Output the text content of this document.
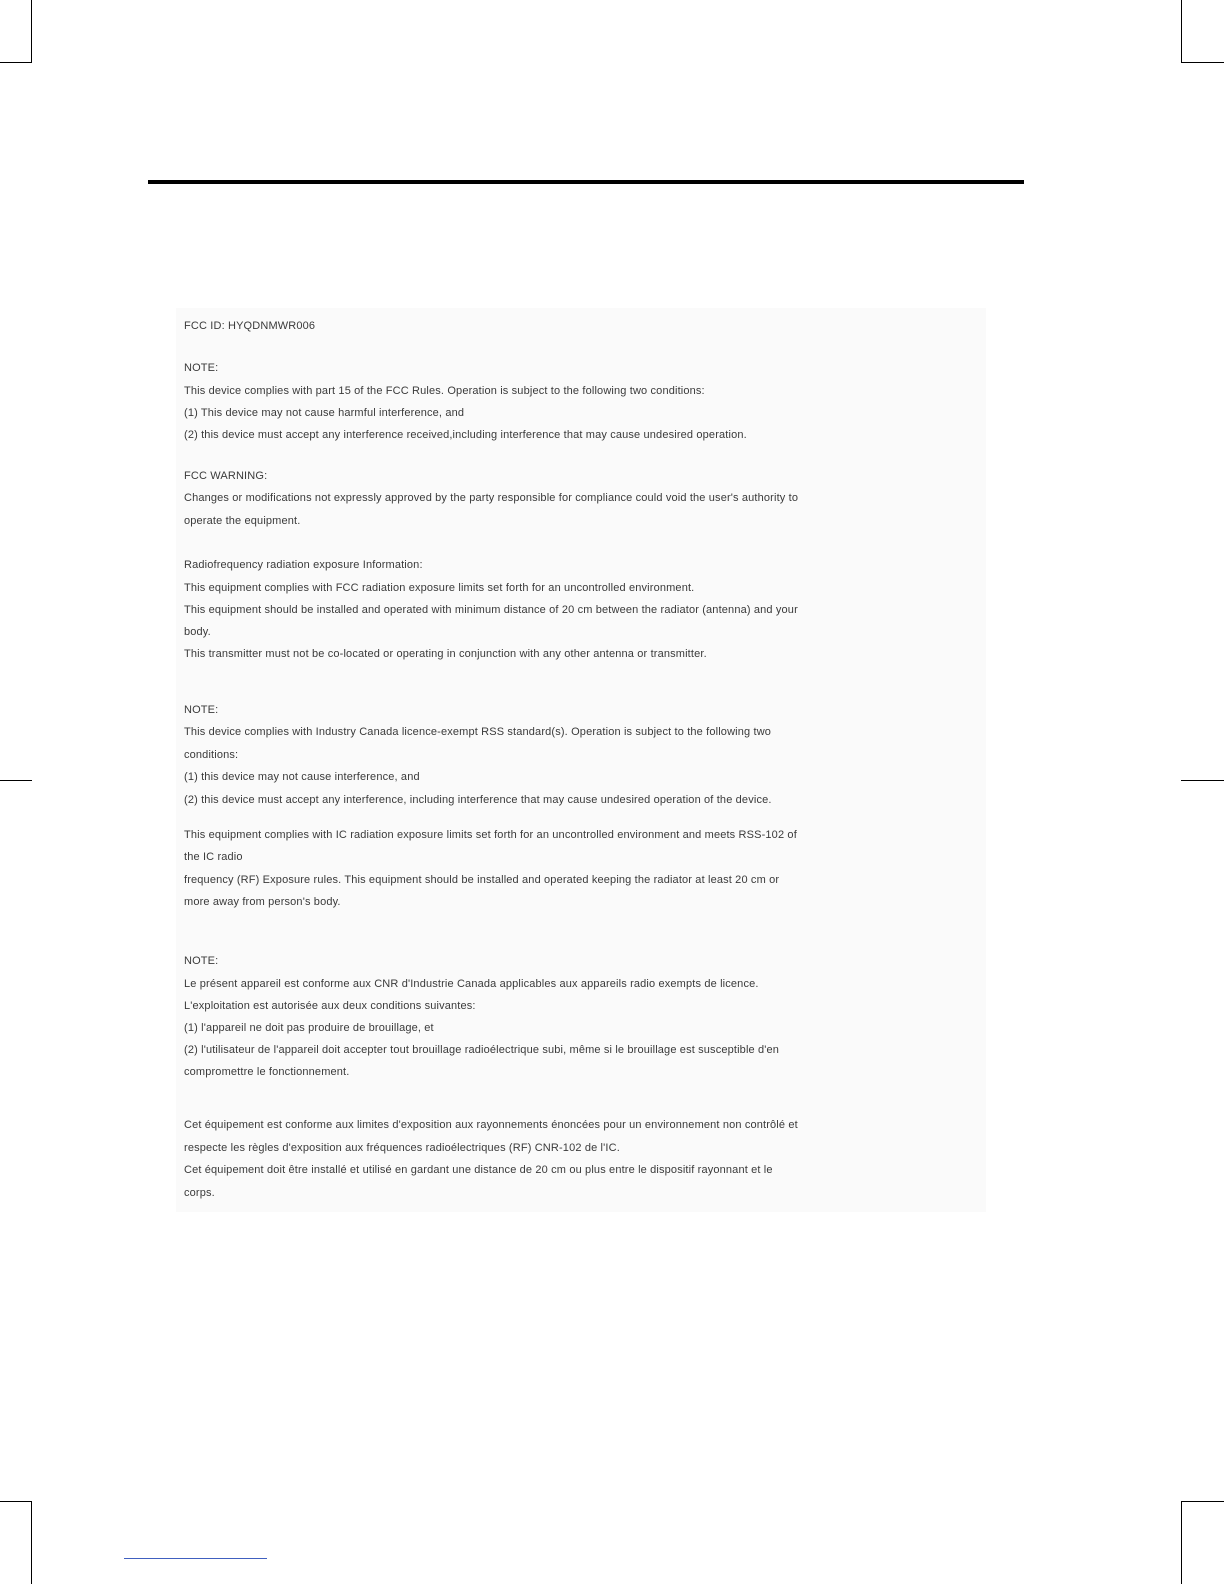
FCC ID: HYQDNMWR006

NOTE:

This device complies with part 15 of the FCC Rules. Operation is subject to the following two conditions:

(1) This device may not cause harmful interference, and

(2) this device must accept any interference received,including interference that may cause undesired operation.

FCC WARNING:

Changes or modifications not expressly approved by the party responsible for compliance could void the user's authority to

operate the equipment.

Radiofrequency radiation exposure Information:

This equipment complies with FCC radiation exposure limits set forth for an uncontrolled environment.

This equipment should be installed and operated with minimum distance of 20 cm between the radiator (antenna) and your

body.

This transmitter must not be co-located or operating in conjunction with any other antenna or transmitter.

NOTE:

This device complies with Industry Canada licence-exempt RSS standard(s). Operation is subject to the following two

conditions:

(1) this device may not cause interference, and

(2) this device must accept any interference, including interference that may cause undesired operation of the device.

This equipment complies with IC radiation exposure limits set forth for an uncontrolled environment and meets RSS-102 of

the IC radio

frequency (RF) Exposure rules. This equipment should be installed and operated keeping the radiator at least 20 cm or

more away from person's body.

NOTE:

Le présent appareil est conforme aux CNR d'Industrie Canada applicables aux appareils radio exempts de licence.

L'exploitation est autorisée aux deux conditions suivantes:

(1) l'appareil ne doit pas produire de brouillage, et

(2) l'utilisateur de l'appareil doit accepter tout brouillage radioélectrique subi, même si le brouillage est susceptible d'en

compromettre le fonctionnement.

Cet équipement est conforme aux limites d'exposition aux rayonnements énoncées pour un environnement non contrôlé et

respecte les règles d'exposition aux fréquences radioélectriques (RF) CNR-102 de l'IC.

Cet équipement doit être installé et utilisé en gardant une distance de 20 cm ou plus entre le dispositif rayonnant et le

corps.
